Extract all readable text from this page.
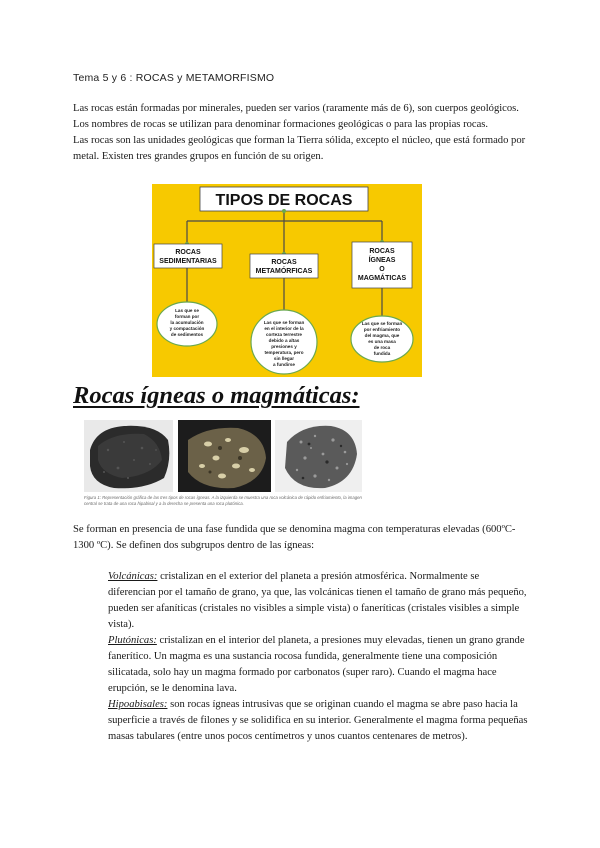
Tema 5 y 6 : ROCAS y METAMORFISMO

Las rocas están formadas por minerales, pueden ser varios (raramente más de 6), son cuerpos geológicos. Los nombres de rocas se utilizan para denominar formaciones geológicas o para las propias rocas.

Las rocas son las unidades geológicas que forman la Tierra sólida, excepto el núcleo, que está formado por metal. Existen tres grandes grupos en función de su origen.

TIPOS DE ROCAS
ROCAS
SEDIMENTARIAS	ROCAS
METAMÓRFICAS
ROCAS
ÍGNEAS
O
MAGMÁTICAS
Las que se
forman por
la acumulación
y compactación
de sedimentos
Las que se forman
en el interior de la
corteza terrestre
debido a altas
presiones y
temperatura, pero
sin llegar
a fundirse
Las que se forman
por enfriamiento
del magma, que
es una masa
de roca
fundida
Rocas ígneas o magmáticas:
Figura 1: Representación gráfica de las tres tipos de rocas ígneas. A la izquierda se muestra una roca volcánica de rápido enfriamiento, la imagen central se trata de una roca hipabisal y a la derecha se presenta una roca plutónica.

Se forman en presencia de una fase fundida que se denomina magma con temperaturas elevadas (600ºC-1300 ºC). Se definen dos subgrupos dentro de las ígneas:

Volcánicas: cristalizan en el exterior del planeta a presión atmosférica. Normalmente se diferencian por el tamaño de grano, ya que, las volcánicas tienen el tamaño de grano más pequeño, pueden ser afaníticas (cristales no visibles a simple vista) o faneríticas (cristales visibles a simple vista).

Plutónicas: cristalizan en el interior del planeta, a presiones muy elevadas, tienen un grano grande fanerítico. Un magma es una sustancia rocosa fundida, generalmente tiene una composición silicatada, solo hay un magma formado por carbonatos (super raro). Cuando el magma hace erupción, se le denomina lava.

Hipoabisales: son rocas ígneas intrusivas que se originan cuando el magma se abre paso hacia la superficie a través de filones y se solidifica en su interior. Generalmente el magma forma pequeñas masas tabulares (entre unos pocos centímetros y unos cuantos centenares de metros).
